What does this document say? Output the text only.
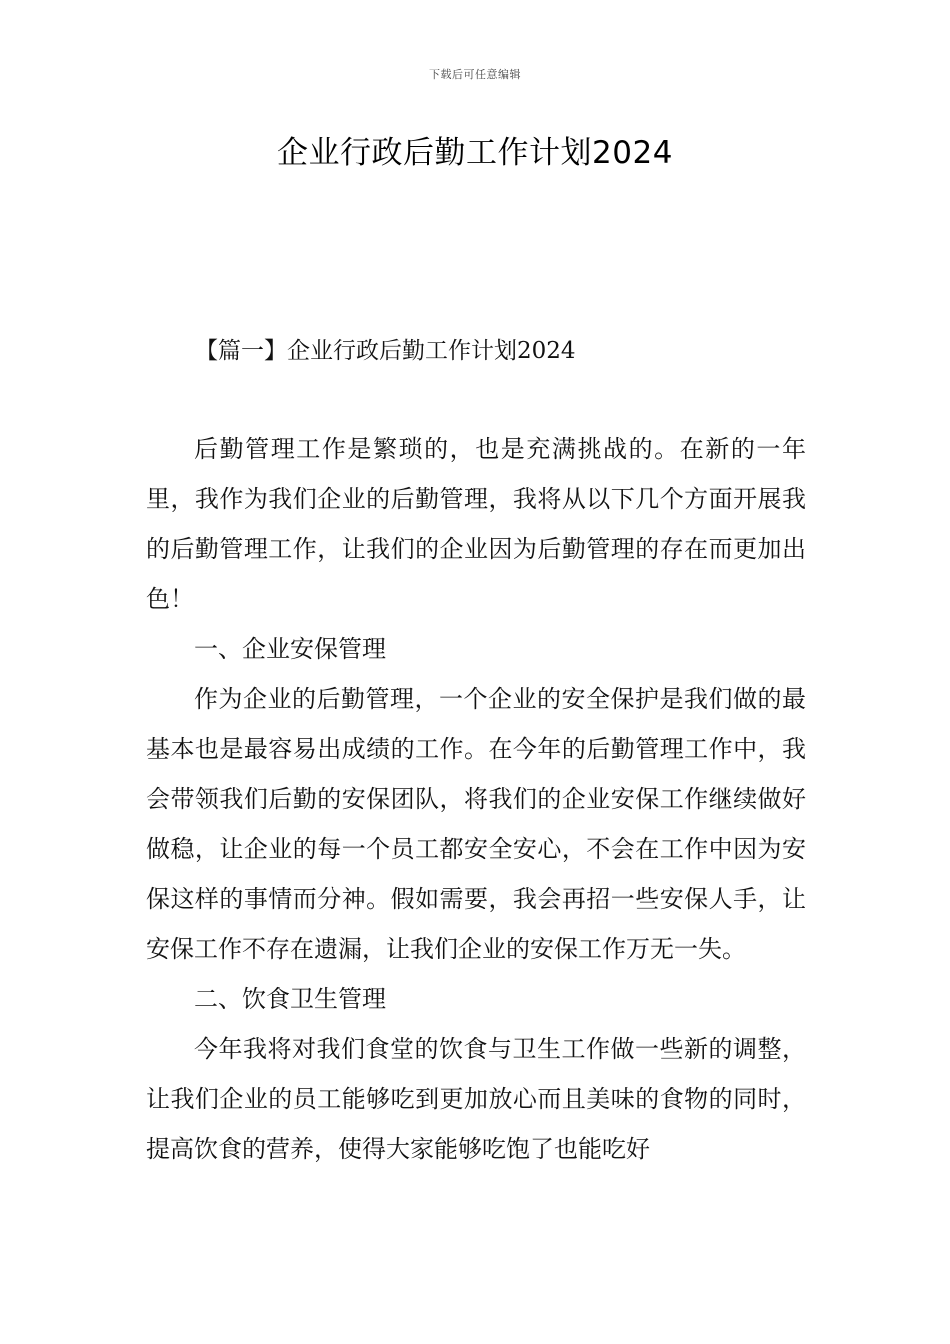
下载后可任意编辑
企业行政后勤工作计划2024
【篇一】企业行政后勤工作计划2024

后勤管理工作是繁琐的，也是充满挑战的。在新的一年里，我作为我们企业的后勤管理，我将从以下几个方面开展我的后勤管理工作，让我们的企业因为后勤管理的存在而更加出色！

一、企业安保管理

作为企业的后勤管理，一个企业的安全保护是我们做的最基本也是最容易出成绩的工作。在今年的后勤管理工作中，我会带领我们后勤的安保团队，将我们的企业安保工作继续做好做稳，让企业的每一个员工都安全安心，不会在工作中因为安保这样的事情而分神。假如需要，我会再招一些安保人手，让安保工作不存在遗漏，让我们企业的安保工作万无一失。

二、饮食卫生管理

今年我将对我们食堂的饮食与卫生工作做一些新的调整，让我们企业的员工能够吃到更加放心而且美味的食物的同时，提高饮食的营养，使得大家能够吃饱了也能吃好
